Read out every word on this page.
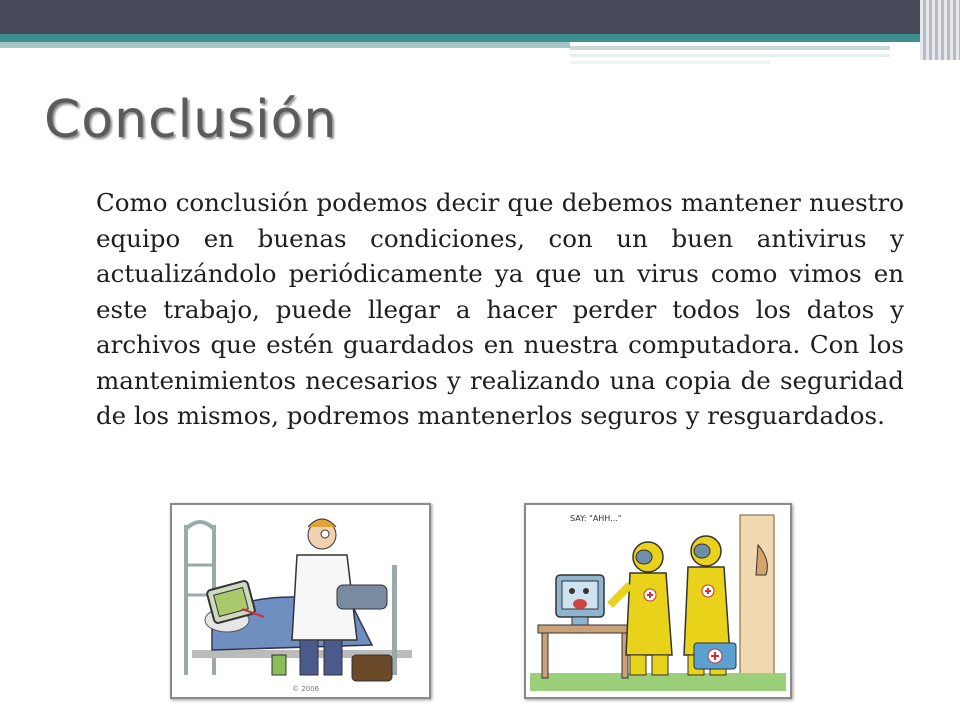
Conclusión

Como conclusión podemos decir que debemos mantener nuestro equipo en buenas condiciones, con un buen antivirus y actualizándolo periódicamente ya que un virus como vimos en este trabajo, puede llegar a hacer perder todos los datos y archivos que estén guardados en nuestra computadora. Con los mantenimientos necesarios y realizando una copia de seguridad de los mismos, podremos mantenerlos seguros y resguardados.

© 2006
SAY: "AHH..."
